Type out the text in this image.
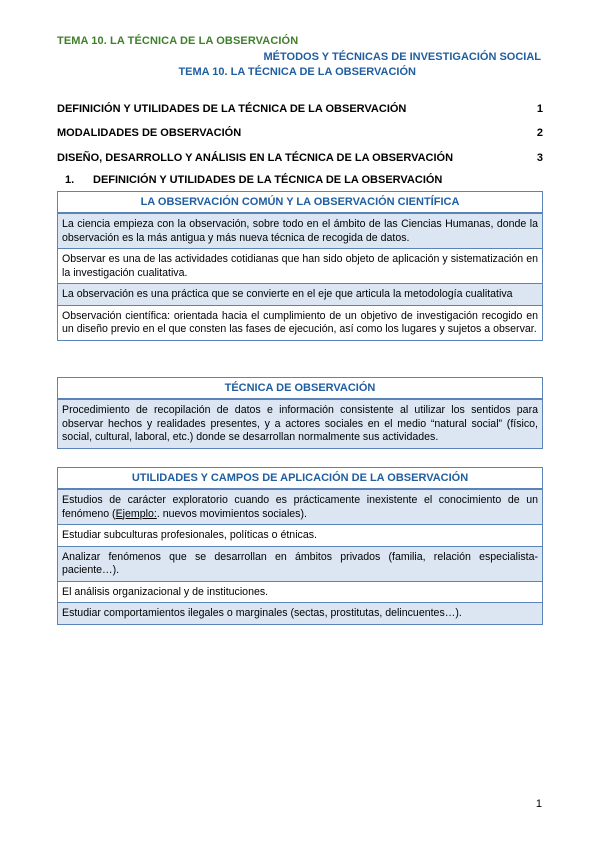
TEMA 10. LA TÉCNICA DE LA OBSERVACIÓN
MÉTODOS Y TÉCNICAS DE INVESTIGACIÓN SOCIAL
TEMA 10. LA TÉCNICA DE LA OBSERVACIÓN
DEFINICIÓN Y UTILIDADES DE LA TÉCNICA DE LA OBSERVACIÓN	1
MODALIDADES DE OBSERVACIÓN	2
DISEÑO, DESARROLLO Y ANÁLISIS EN LA TÉCNICA DE LA OBSERVACIÓN	3
1. DEFINICIÓN Y UTILIDADES DE LA TÉCNICA DE LA OBSERVACIÓN
LA OBSERVACIÓN COMÚN Y LA OBSERVACIÓN CIENTÍFICA
La ciencia empieza con la observación, sobre todo en el ámbito de las Ciencias Humanas, donde la observación es la más antigua y más nueva técnica de recogida de datos.
Observar es una de las actividades cotidianas que han sido objeto de aplicación y sistematización en la investigación cualitativa.
La observación es una práctica que se convierte en el eje que articula la metodología cualitativa
Observación científica: orientada hacia el cumplimiento de un objetivo de investigación recogido en un diseño previo en el que consten las fases de ejecución, así como los lugares y sujetos a observar.
TÉCNICA DE OBSERVACIÓN
Procedimiento de recopilación de datos e información consistente al utilizar los sentidos para observar hechos y realidades presentes, y a actores sociales en el medio “natural social” (físico, social, cultural, laboral, etc.) donde se desarrollan normalmente sus actividades.
UTILIDADES Y CAMPOS DE APLICACIÓN DE LA OBSERVACIÓN
Estudios de carácter exploratorio cuando es prácticamente inexistente el conocimiento de un fenómeno (Ejemplo:. nuevos movimientos sociales).
Estudiar subculturas profesionales, políticas o étnicas.
Analizar fenómenos que se desarrollan en ámbitos privados (familia, relación especialista-paciente…).
El análisis organizacional y de instituciones.
Estudiar comportamientos ilegales o marginales (sectas, prostitutas, delincuentes…).
1
